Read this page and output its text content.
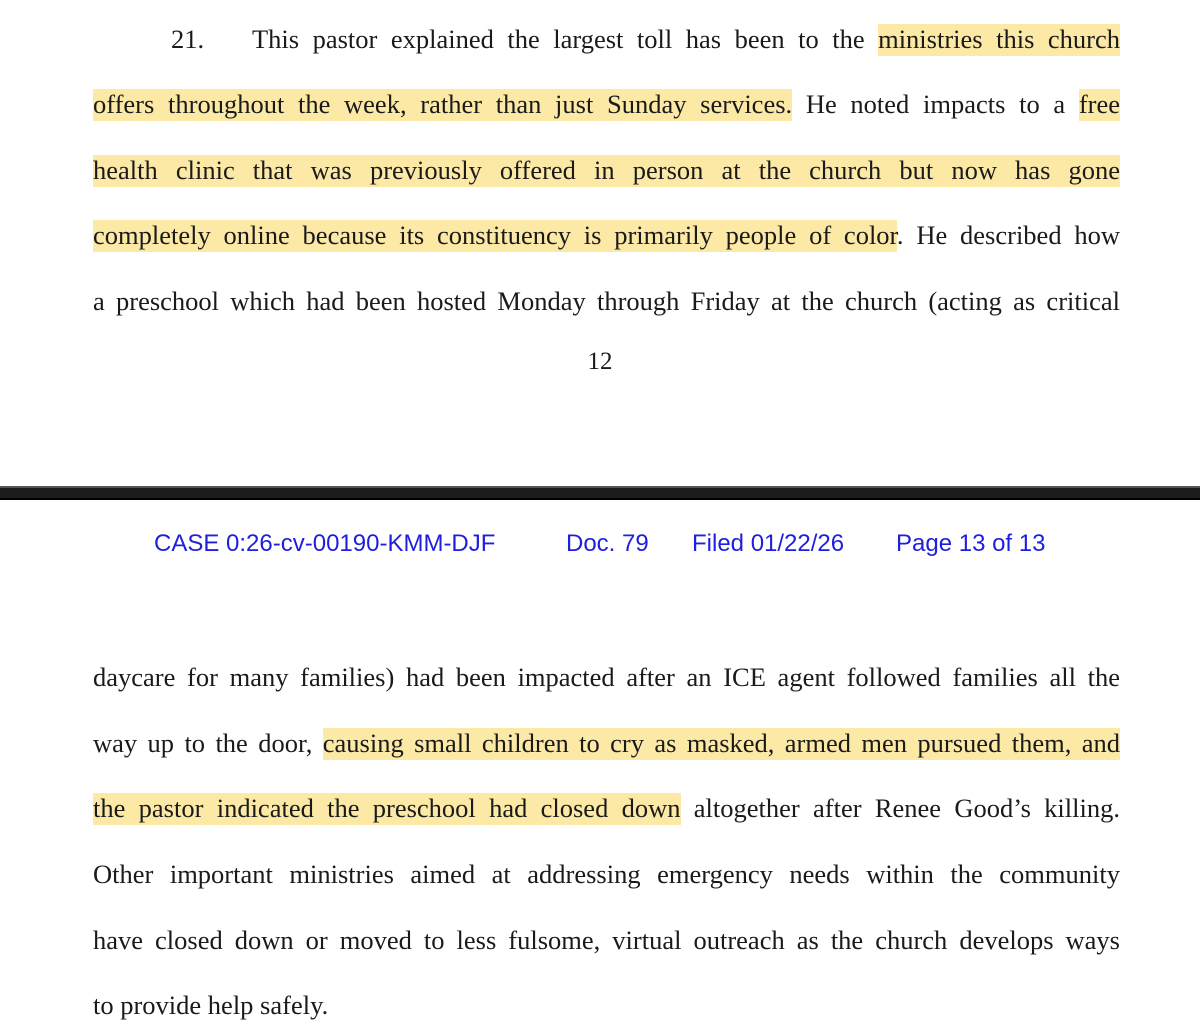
21. This pastor explained the largest toll has been to the ministries this church
offers throughout the week, rather than just Sunday services. He noted impacts to a free
health clinic that was previously offered in person at the church but now has gone
completely online because its constituency is primarily people of color. He described how
a preschool which had been hosted Monday through Friday at the church (acting as critical
12
CASE 0:26-cv-00190-KMM-DJF	Doc. 79 Filed 01/22/26 Page 13 of 13
daycare for many families) had been impacted after an ICE agent followed families all the
way up to the door, causing small children to cry as masked, armed men pursued them, and
the pastor indicated the preschool had closed down altogether after Renee Good’s killing.
Other important ministries aimed at addressing emergency needs within the community
have closed down or moved to less fulsome, virtual outreach as the church develops ways
to provide help safely.
